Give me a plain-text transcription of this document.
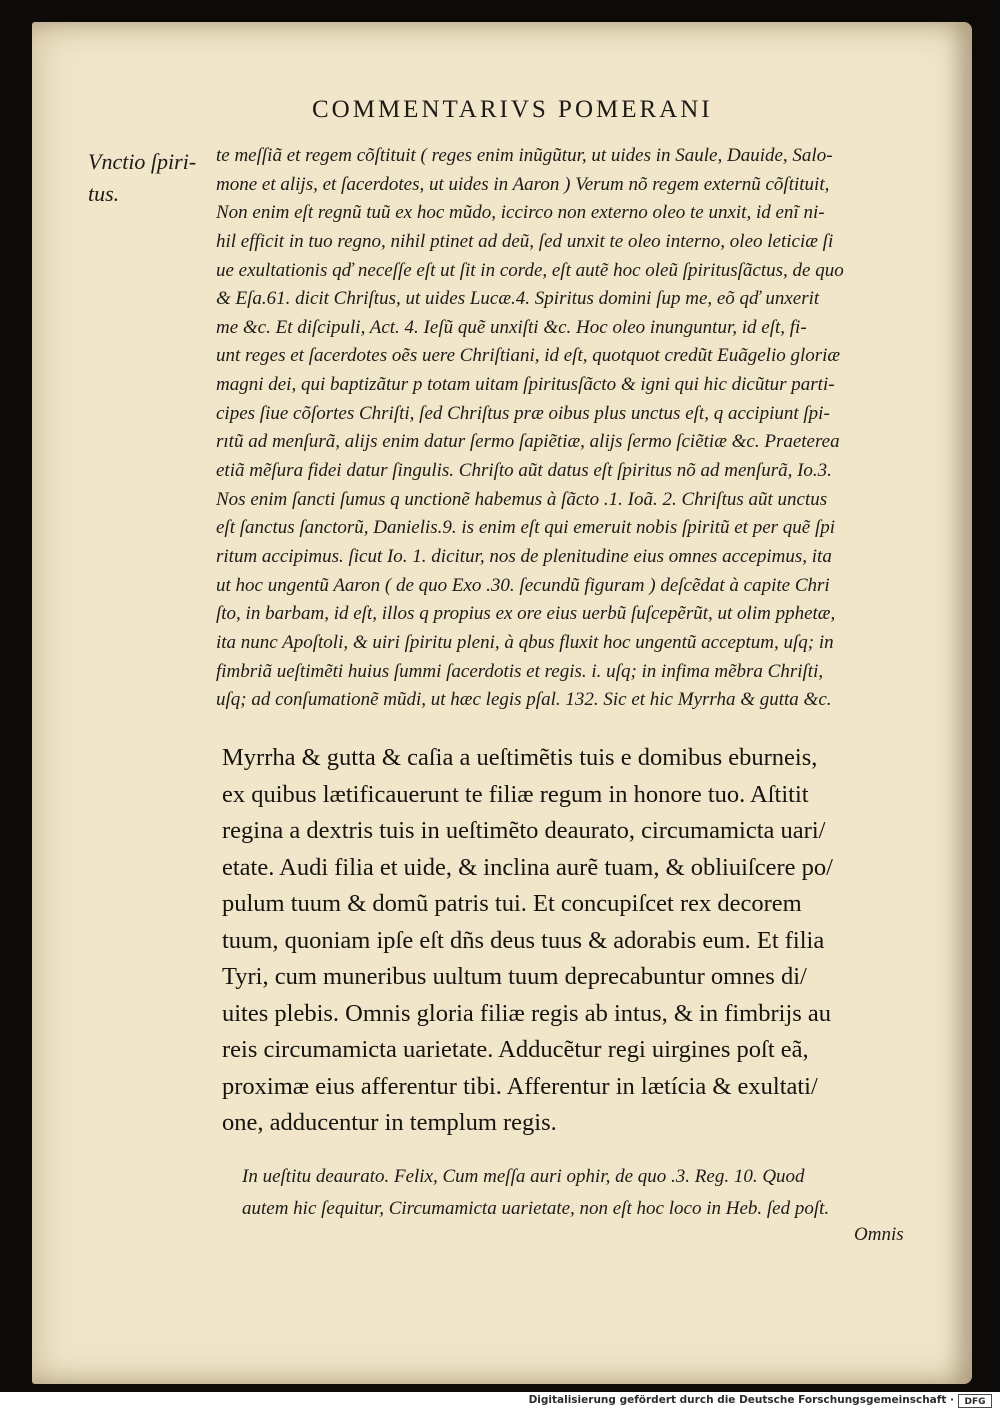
COMMENTARIVS POMERANI
Vnctio ſpiri-
tus.
te meſſiã et regem cõſtituit ( reges enim inũgũtur, ut uides in Saule, Dauide, Salo-
mone et alijs, et ſacerdotes, ut uides in Aaron ) Verum nõ regem externũ cõſtituit,
Non enim eſt regnũ tuũ ex hoc mũdo, iccirco non externo oleo te unxit, id enĩ ni-
hil efficit in tuo regno, nihil ptinet ad deũ, ſed unxit te oleo interno, oleo leticiæ ſi
ue exultationis qď neceſſe eſt ut ſit in corde, eſt autẽ hoc oleũ ſpiritusſãctus, de quo
& Eſa.61. dicit Chriſtus, ut uides Lucæ.4. Spiritus domini ſup me, eõ qď unxerit
me &c. Et diſcipuli, Act. 4. Ieſũ quẽ unxiſti &c. Hoc oleo inunguntur, id eſt, fi-
unt reges et ſacerdotes oẽs uere Chriſtiani, id eſt, quotquot credũt Euãgelio gloriæ
magni dei, qui baptizãtur p totam uitam ſpiritusſãcto & igni qui hic dicũtur parti-
cipes ſiue cõſortes Chriſti, ſed Chriſtus præ oibus plus unctus eſt, q accipiunt ſpi-
rıtũ ad menſurã, alijs enim datur ſermo ſapiẽtiæ, alijs ſermo ſciẽtiæ &c. Praeterea
etiã mẽſura fidei datur ſingulis. Chriſto aũt datus eſt ſpiritus nõ ad menſurã, Io.3.
Nos enim ſancti ſumus q unctionẽ habemus à ſãcto .1. Ioã. 2. Chriſtus aũt unctus
eſt ſanctus ſanctorũ, Danielis.9. is enim eſt qui emeruit nobis ſpiritũ et per quẽ ſpi
ritum accipimus. ſicut Io. 1. dicitur, nos de plenitudine eius omnes accepimus, ita
ut hoc ungentũ Aaron ( de quo Exo .30. ſecundũ figuram ) deſcẽdat à capite Chri
ſto, in barbam, id eſt, illos q propius ex ore eius uerbũ ſuſcepẽrũt, ut olim pphetæ,
ita nunc Apoſtoli, & uiri ſpiritu pleni, à qbus fluxit hoc ungentũ acceptum, uſq; in
fimbriã ueſtimẽti huius ſummi ſacerdotis et regis. i. uſq; in infima mẽbra Chriſti,
uſq; ad conſumationẽ mũdi, ut hæc legis pſal. 132. Sic et hic Myrrha & gutta &c.
Myrrha & gutta & caſia a ueſtimẽtis tuis e domibus eburneis,
ex quibus lætificauerunt te filiæ regum in honore tuo. Aſtitit
regina a dextris tuis in ueſtimẽto deaurato, circumamicta uari/
etate. Audi filia et uide, & inclina aurẽ tuam, & obliuiſcere po/
pulum tuum & domũ patris tui. Et concupiſcet rex decorem
tuum, quoniam ipſe eſt dñs deus tuus & adorabis eum. Et filia
Tyri, cum muneribus uultum tuum deprecabuntur omnes di/
uites plebis. Omnis gloria filiæ regis ab intus, & in fimbrijs au
reis circumamicta uarietate. Adducẽtur regi uirgines poſt eã,
proximæ eius afferentur tibi. Afferentur in lætícia & exultati/
one, adducentur in templum regis.
In ueſtitu deaurato. Felix, Cum meſſa auri ophir, de quo .3. Reg. 10. Quod
autem hic ſequitur, Circumamicta uarietate, non eſt hoc loco in Heb. ſed poſt.
Omnis
Digitalisierung gefördert durch die Deutsche Forschungsgemeinschaft ·	DFG
